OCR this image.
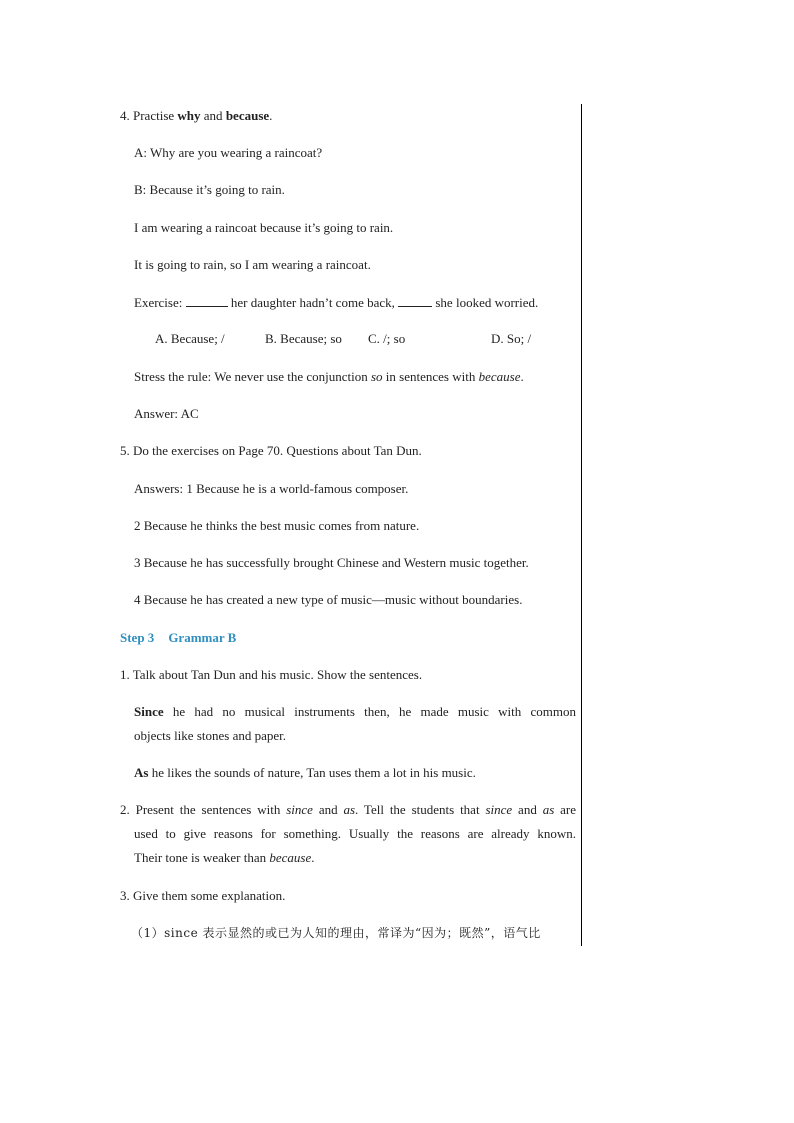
4. Practise why and because.
A: Why are you wearing a raincoat?
B: Because it’s going to rain.
I am wearing a raincoat because it’s going to rain.
It is going to rain, so I am wearing a raincoat.
Exercise:	her daughter hadn’t come back,	she looked worried.
A. Because; /	B. Because; so C. /; so	D. So; /
Stress the rule: We never use the conjunction so in sentences with because.
Answer: AC
5. Do the exercises on Page 70. Questions about Tan Dun.
Answers: 1 Because he is a world-famous composer.
2 Because he thinks the best music comes from nature.
3 Because he has successfully brought Chinese and Western music together.
4 Because he has created a new type of music—music without boundaries.
Step 3 Grammar B
1. Talk about Tan Dun and his music. Show the sentences.
Since he had no musical instruments then, he made music with common
objects like stones and paper.
As he likes the sounds of nature, Tan uses them a lot in his music.
2. Present the sentences with since and as. Tell the students that since and as are
used to give reasons for something. Usually the reasons are already known.
Their tone is weaker than because.
3. Give them some explanation.
（1）since 表示显然的或已为人知的理由，常译为“因为；既然”，语气比
